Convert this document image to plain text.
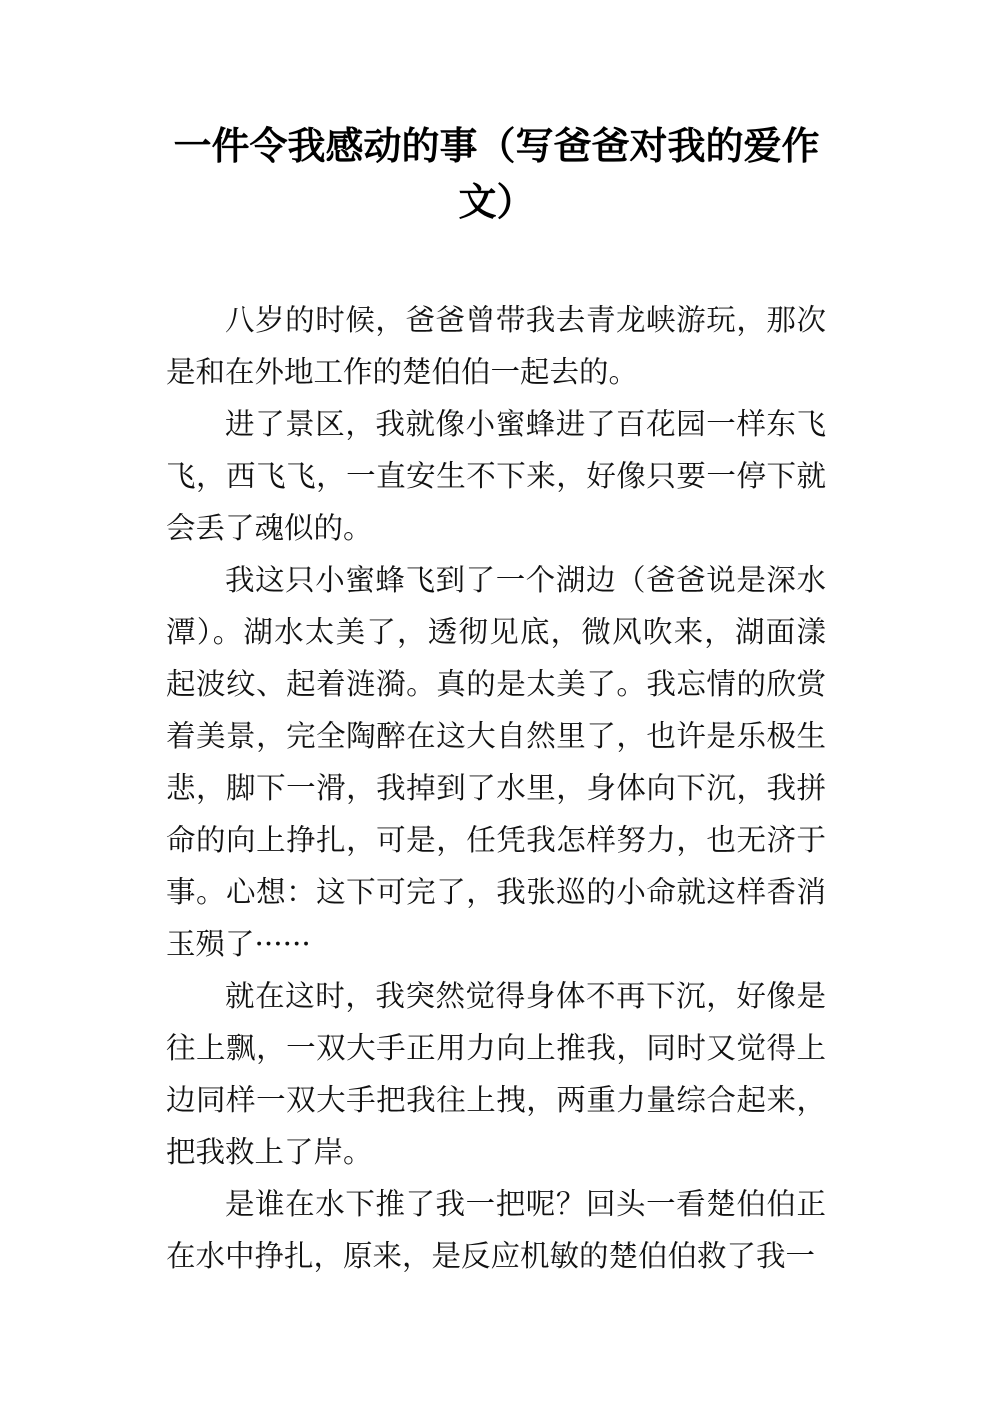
一件令我感动的事（写爸爸对我的爱作文）

八岁的时候，爸爸曾带我去青龙峡游玩，那次是和在外地工作的楚伯伯一起去的。

进了景区，我就像小蜜蜂进了百花园一样东飞飞，西飞飞，一直安生不下来，好像只要一停下就会丢了魂似的。

我这只小蜜蜂飞到了一个湖边（爸爸说是深水潭）。湖水太美了，透彻见底，微风吹来，湖面漾起波纹、起着涟漪。真的是太美了。我忘情的欣赏着美景，完全陶醉在这大自然里了，也许是乐极生悲，脚下一滑，我掉到了水里，身体向下沉，我拼命的向上挣扎，可是，任凭我怎样努力，也无济于事。心想：这下可完了，我张巡的小命就这样香消玉殒了······

就在这时，我突然觉得身体不再下沉，好像是往上飘，一双大手正用力向上推我，同时又觉得上边同样一双大手把我往上拽，两重力量综合起来，把我救上了岸。

是谁在水下推了我一把呢？回头一看楚伯伯正在水中挣扎，原来，是反应机敏的楚伯伯救了我一
